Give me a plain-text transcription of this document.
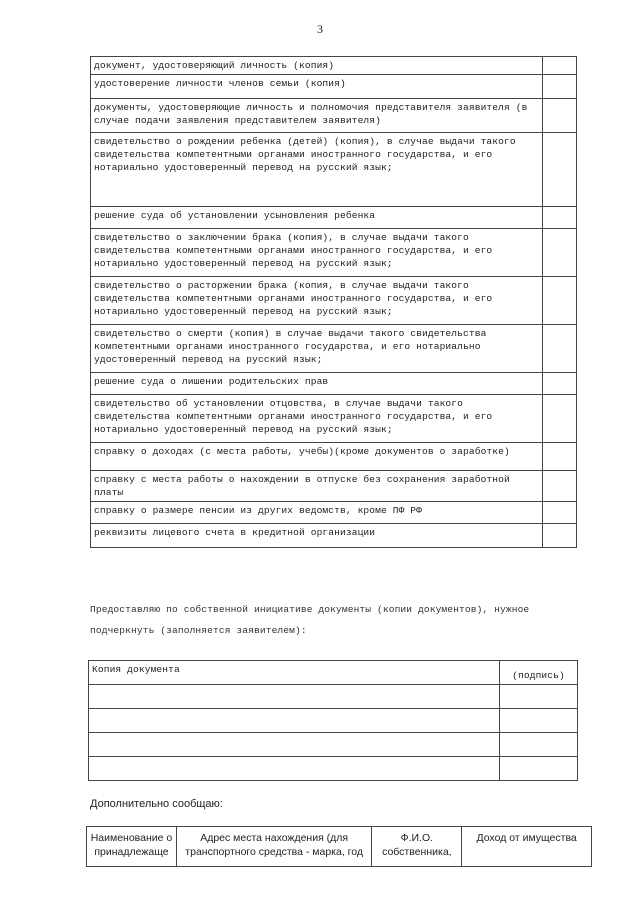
3
документ, удостоверяющий личность (копия)	
удостоверение личности членов семьи (копия)	
документы, удостоверяющие личность и полномочия представителя заявителя (в случае подачи заявления представителем заявителя)	
свидетельство о рождении ребенка (детей) (копия), в случае выдачи такого свидетельства компетентными органами иностранного государства, и его нотариально удостоверенный перевод на русский язык;	
решение суда об установлении усыновления ребенка	
свидетельство о заключении брака (копия), в случае выдачи такого свидетельства компетентными органами иностранного государства, и его нотариально удостоверенный перевод на русский язык;	
свидетельство о расторжении брака (копия, в случае выдачи такого свидетельства компетентными органами иностранного государства, и его нотариально удостоверенный перевод на русский язык;	
свидетельство о смерти (копия) в случае выдачи такого свидетельства компетентными органами иностранного государства, и его нотариально удостоверенный перевод на русский язык;	
решение суда о лишении родительских прав	
свидетельство об установлении отцовства, в случае выдачи такого свидетельства компетентными органами иностранного государства, и его нотариально удостоверенный перевод на русский язык;	
справку о доходах (с места работы, учебы)(кроме документов о заработке)	
справку с места работы о нахождении в отпуске без сохранения заработной платы	
справку о размере пенсии из других ведомств, кроме ПФ РФ	
реквизиты лицевого счета в кредитной организации	
Предоставляю по собственной инициативе документы (копии документов), нужное
подчеркнуть (заполняется заявителем):
Копия документа	(подпись)

Дополнительно сообщаю:
Наименование о принадлежаще	Адрес места нахождения (для транспортного средства - марка, год	Ф.И.О. собственника,	Доход от имущества
